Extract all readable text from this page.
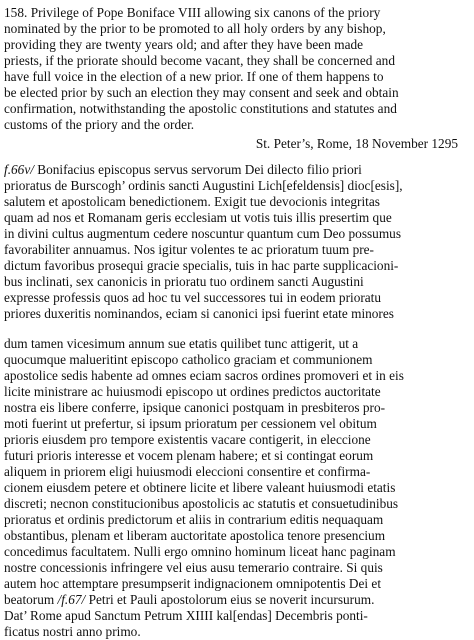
158. Privilege of Pope Boniface VIII allowing six canons of the priory
nominated by the prior to be promoted to all holy orders by any bishop,
providing they are twenty years old; and after they have been made
priests, if the priorate should become vacant, they shall be concerned and
have full voice in the election of a new prior. If one of them happens to
be elected prior by such an election they may consent and seek and obtain
confirmation, notwithstanding the apostolic constitutions and statutes and
customs of the priory and the order.
St. Peter’s, Rome, 18 November 1295
f.66v/ Bonifacius episcopus servus servorum Dei dilecto filio priori
prioratus de Burscogh’ ordinis sancti Augustini Lich[efeldensis] dioc[esis],
salutem et apostolicam benedictionem. Exigit tue devocionis integritas
quam ad nos et Romanam geris ecclesiam ut votis tuis illis presertim que
in divini cultus augmentum cedere noscuntur quantum cum Deo possumus
favorabiliter annuamus. Nos igitur volentes te ac prioratum tuum pre-
dictum favoribus prosequi gracie specialis, tuis in hac parte supplicacioni-
bus inclinati, sex canonicis in prioratu tuo ordinem sancti Augustini
expresse professis quos ad hoc tu vel successores tui in eodem prioratu
priores duxeritis nominandos, eciam si canonici ipsi fuerint etate minores
dum tamen vicesimum annum sue etatis quilibet tunc attigerit, ut a
quocumque malueritint episcopo catholico graciam et communionem
apostolice sedis habente ad omnes eciam sacros ordines promoveri et in eis
licite ministrare ac huiusmodi episcopo ut ordines predictos auctoritate
nostra eis libere conferre, ipsique canonici postquam in presbiteros pro-
moti fuerint ut prefertur, si ipsum prioratum per cessionem vel obitum
prioris eiusdem pro tempore existentis vacare contigerit, in eleccione
futuri prioris interesse et vocem plenam habere; et si contingat eorum
aliquem in priorem eligi huiusmodi eleccioni consentire et confirma-
cionem eiusdem petere et obtinere licite et libere valeant huiusmodi etatis
discreti; necnon constitucionibus apostolicis ac statutis et consuetudinibus
prioratus et ordinis predictorum et aliis in contrarium editis nequaquam
obstantibus, plenam et liberam auctoritate apostolica tenore presencium
concedimus facultatem. Nulli ergo omnino hominum liceat hanc paginam
nostre concessionis infringere vel eius ausu temerario contraire. Si quis
autem hoc attemptare presumpserit indignacionem omnipotentis Dei et
beatorum /f.67/ Petri et Pauli apostolorum eius se noverit incursurum.
Dat’ Rome apud Sanctum Petrum XIIII kal[endas] Decembris ponti-
ficatus nostri anno primo.
